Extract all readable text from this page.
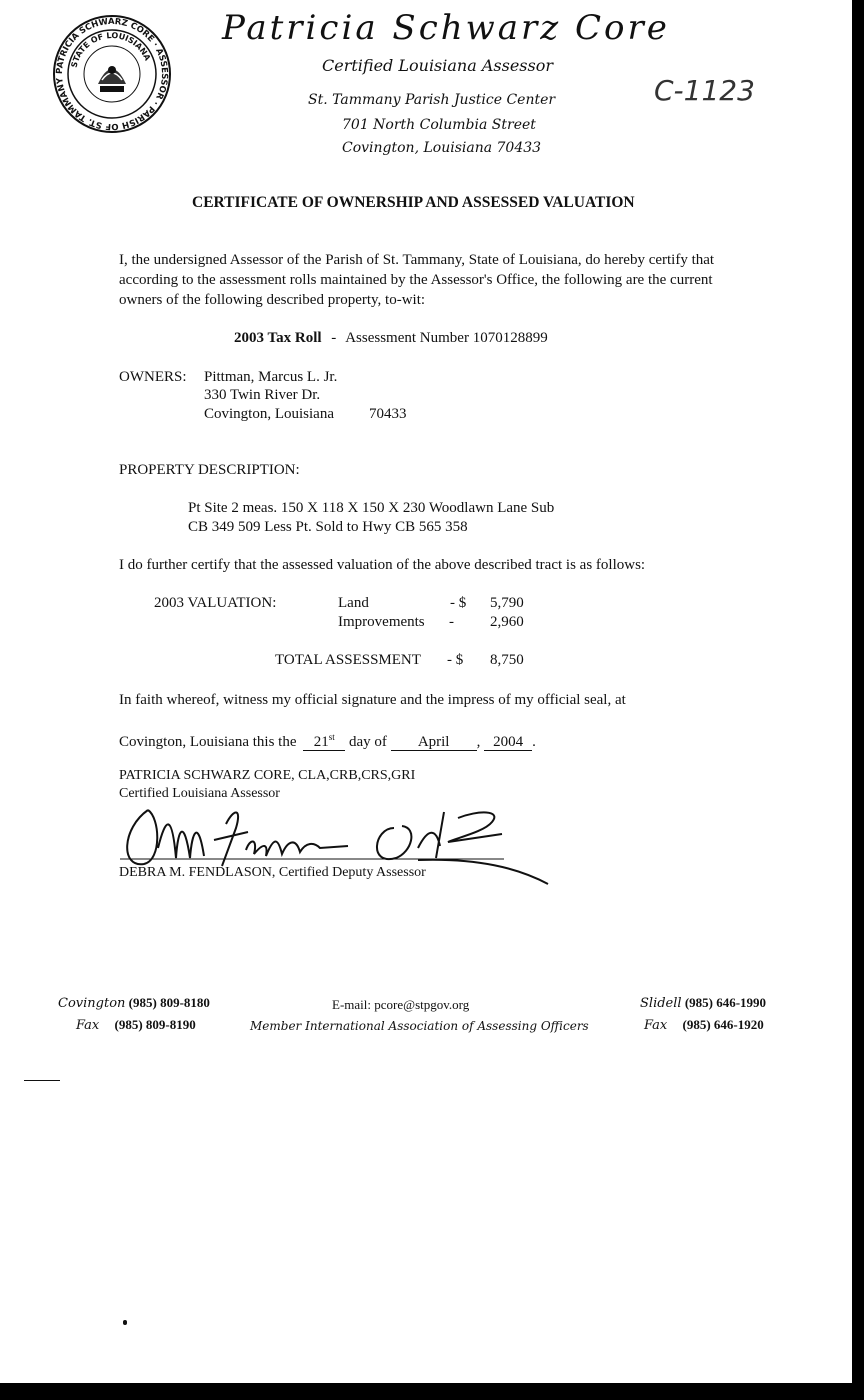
PATRICIA SCHWARZ CORE · ASSESSOR · PARISH OF ST. TAMMANY
STATE OF LOUISIANA
Patricia Schwarz Core
Certified Louisiana Assessor
St. Tammany Parish Justice Center
701 North Columbia Street
Covington, Louisiana 70433
C-1123
CERTIFICATE OF OWNERSHIP AND ASSESSED VALUATION
I, the undersigned Assessor of the Parish of St. Tammany, State of Louisiana, do hereby certify that
according to the assessment rolls maintained by the Assessor's Office, the following are the current
owners of the following described property, to-wit:
2003 Tax Roll - Assessment Number 1070128899
OWNERS: Pittman, Marcus L. Jr.
330 Twin River Dr.
Covington, Louisiana 70433
PROPERTY DESCRIPTION:
Pt Site 2 meas. 150 X 118 X 150 X 230 Woodlawn Lane Sub
CB 349 509 Less Pt. Sold to Hwy CB 565 358
I do further certify that the assessed valuation of the above described tract is as follows:
2003 VALUATION:	Land	- $ 5,790
Improvements - 2,960
TOTAL ASSESSMENT - $ 8,750
In faith whereof, witness my official signature and the impress of my official seal, at
Covington, Louisiana this the 21st day of April , 2004 .
PATRICIA SCHWARZ CORE, CLA,CRB,CRS,GRI
Certified Louisiana Assessor
DEBRA M. FENDLASON, Certified Deputy Assessor
Covington (985) 809-8180
Fax (985) 809-8190
E-mail: pcore@stpgov.org
Member International Association of Assessing Officers
Slidell (985) 646-1990
Fax (985) 646-1920
